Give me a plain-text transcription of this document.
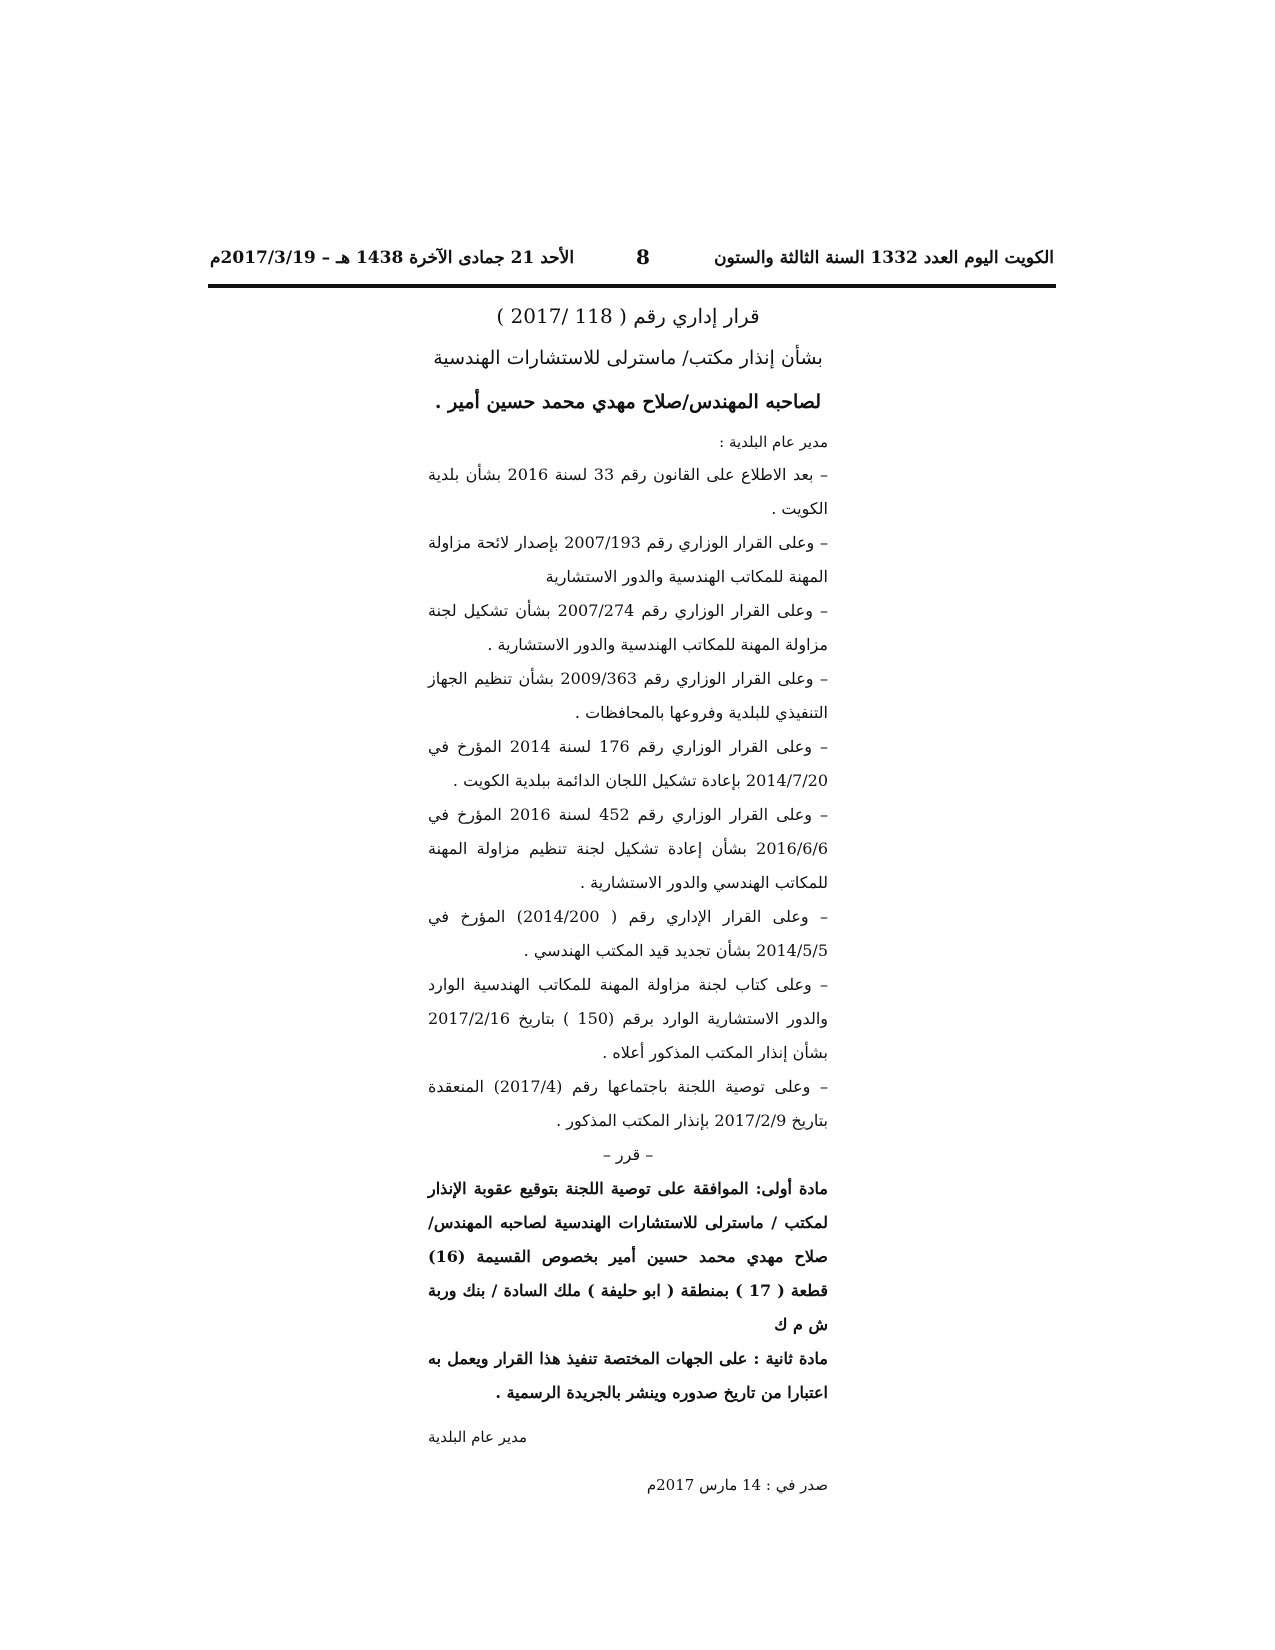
الأحد 21 جمادى الآخرة 1438 هـ – 2017/3/19م	8	الكويت اليوم العدد 1332 السنة الثالثة والستون
قرار إداري رقم ( 118 /2017 )
بشأن إنذار مكتب/ ماسترلى للاستشارات الهندسية
لصاحبه المهندس/صلاح مهدي محمد حسين أمير .
مدير عام البلدية :
– بعد الاطلاع على القانون رقم 33 لسنة 2016 بشأن بلدية الكويت .
– وعلى القرار الوزاري رقم 2007/193 بإصدار لائحة مزاولة المهنة للمكاتب الهندسية والدور الاستشارية
– وعلى القرار الوزاري رقم 2007/274 بشأن تشكيل لجنة مزاولة المهنة للمكاتب الهندسية والدور الاستشارية .
– وعلى القرار الوزاري رقم 2009/363 بشأن تنظيم الجهاز التنفيذي للبلدية وفروعها بالمحافظات .
– وعلى القرار الوزاري رقم 176 لسنة 2014 المؤرخ في 2014/7/20 بإعادة تشكيل اللجان الدائمة ببلدية الكويت .
– وعلى القرار الوزاري رقم 452 لسنة 2016 المؤرخ في 2016/6/6 بشأن إعادة تشكيل لجنة تنظيم مزاولة المهنة للمكاتب الهندسي والدور الاستشارية .
– وعلى القرار الإداري رقم ( 2014/200) المؤرخ في 2014/5/5 بشأن تجديد قيد المكتب الهندسي .
– وعلى كتاب لجنة مزاولة المهنة للمكاتب الهندسية الوارد والدور الاستشارية الوارد برقم (150 ) بتاريخ 2017/2/16 بشأن إنذار المكتب المذكور أعلاه .
– وعلى توصية اللجنة باجتماعها رقم (2017/4) المنعقدة بتاريخ 2017/2/9 بإنذار المكتب المذكور .
– قرر –
مادة أولى: الموافقة على توصية اللجنة بتوقيع عقوبة الإنذار لمكتب / ماسترلى للاستشارات الهندسية لصاحبه المهندس/ صلاح مهدي محمد حسين أمير بخصوص القسيمة (16) قطعة ( 17 ) بمنطقة ( ابو حليفة ) ملك السادة / بنك وربة ش م ك
مادة ثانية : على الجهات المختصة تنفيذ هذا القرار ويعمل به اعتبارا من تاريخ صدوره وينشر بالجريدة الرسمية .
مدير عام البلدية
صدر في : 14 مارس 2017م
